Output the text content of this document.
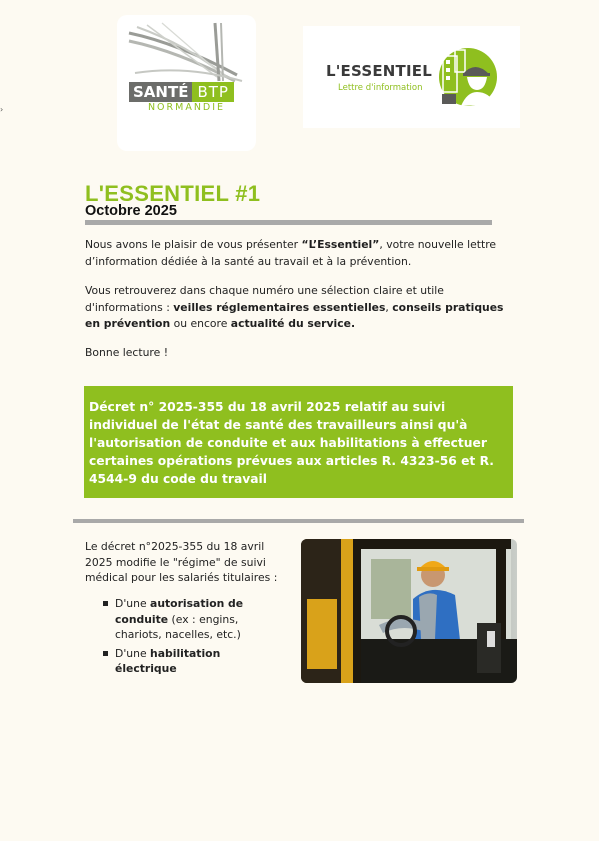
›
SANTÉ BTP
NORMANDIE
L'ESSENTIEL
Lettre d'information
L'ESSENTIEL #1
Octobre 2025

Nous avons le plaisir de vous présenter “L’Essentiel”, votre nouvelle lettre d’information dédiée à la santé au travail et à la prévention.

Vous retrouverez dans chaque numéro une sélection claire et utile d'informations : veilles réglementaires essentielles, conseils pratiques en prévention ou encore actualité du service.

Bonne lecture !

Décret n° 2025-355 du 18 avril 2025 relatif au suivi individuel de l'état de santé des travailleurs ainsi qu'à l'autorisation de conduite et aux habilitations à effectuer certaines opérations prévues aux articles R. 4323-56 et R. 4544-9 du code du travail

Le décret n°2025-355 du 18 avril 2025 modifie le "régime" de suivi médical pour les salariés titulaires :

D'une autorisation de conduite (ex : engins, chariots, nacelles, etc.)
D'une habilitation électrique
